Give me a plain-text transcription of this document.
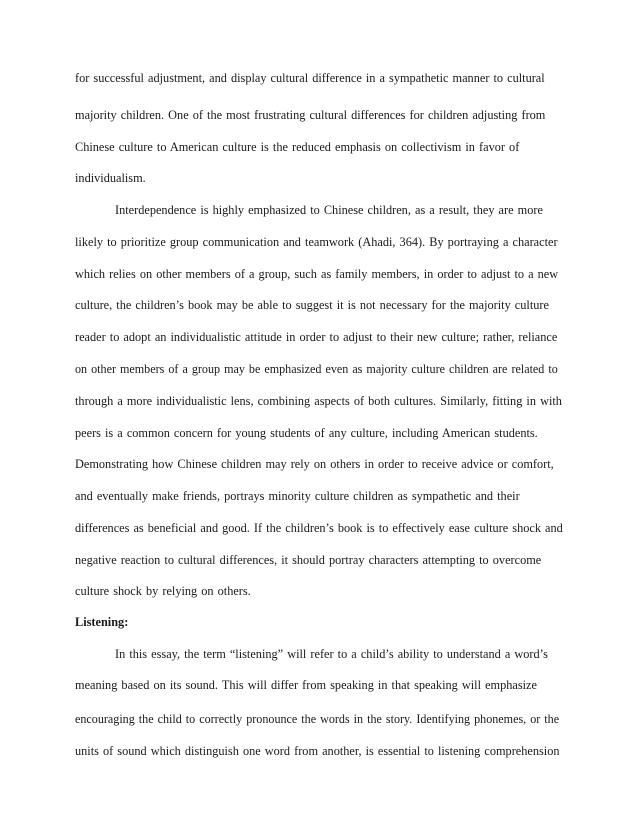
for successful adjustment, and display cultural difference in a sympathetic manner to cultural
majority children. One of the most frustrating cultural differences for children adjusting from
Chinese culture to American culture is the reduced emphasis on collectivism in favor of
individualism.
Interdependence is highly emphasized to Chinese children, as a result, they are more
likely to prioritize group communication and teamwork (Ahadi, 364). By portraying a character
which relies on other members of a group, such as family members, in order to adjust to a new
culture, the children’s book may be able to suggest it is not necessary for the majority culture
reader to adopt an individualistic attitude in order to adjust to their new culture; rather, reliance
on other members of a group may be emphasized even as majority culture children are related to
through a more individualistic lens, combining aspects of both cultures. Similarly, fitting in with
peers is a common concern for young students of any culture, including American students.
Demonstrating how Chinese children may rely on others in order to receive advice or comfort,
and eventually make friends, portrays minority culture children as sympathetic and their
differences as beneficial and good. If the children’s book is to effectively ease culture shock and
negative reaction to cultural differences, it should portray characters attempting to overcome
culture shock by relying on others.
Listening:
In this essay, the term “listening” will refer to a child’s ability to understand a word’s
meaning based on its sound. This will differ from speaking in that speaking will emphasize
encouraging the child to correctly pronounce the words in the story. Identifying phonemes, or the
units of sound which distinguish one word from another, is essential to listening comprehension
